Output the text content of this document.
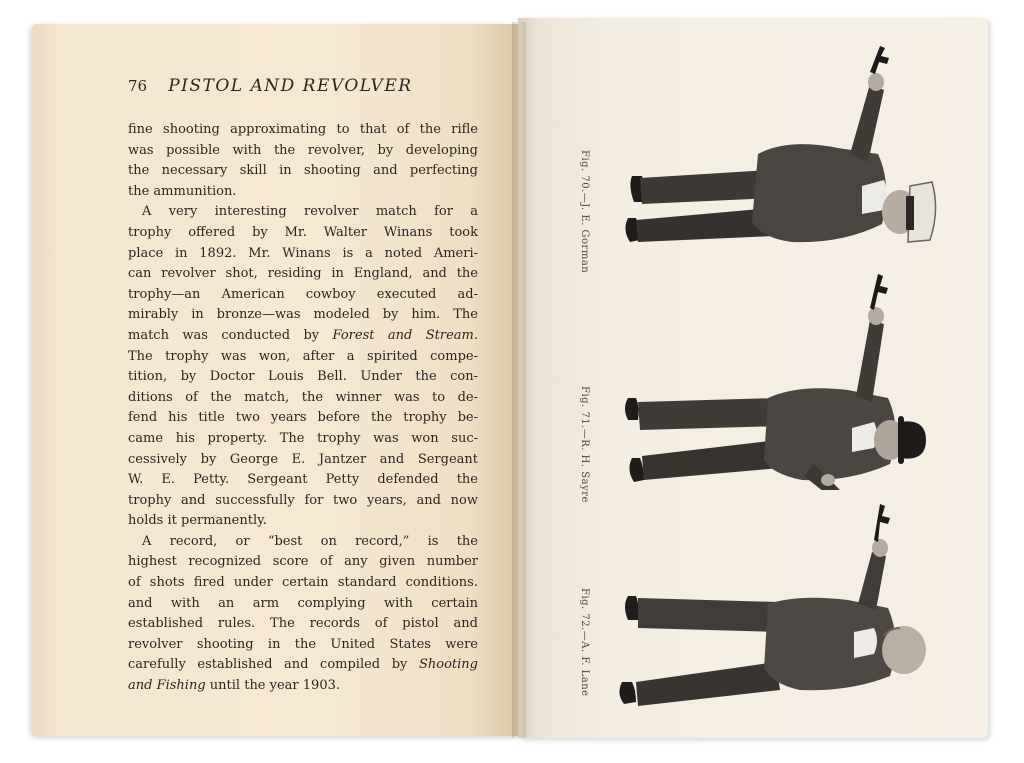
76 PISTOL AND REVOLVER
fine shooting approximating to that of the rifle
was possible with the revolver, by developing
the necessary skill in shooting and perfecting
the ammunition.
A very interesting revolver match for a
trophy offered by Mr. Walter Winans took
place in 1892. Mr. Winans is a noted Ameri-
can revolver shot, residing in England, and the
trophy—an American cowboy executed ad-
mirably in bronze—was modeled by him. The
match was conducted by Forest and Stream.
The trophy was won, after a spirited compe-
tition, by Doctor Louis Bell. Under the con-
ditions of the match, the winner was to de-
fend his title two years before the trophy be-
came his property. The trophy was won suc-
cessively by George E. Jantzer and Sergeant
W. E. Petty. Sergeant Petty defended the
trophy and successfully for two years, and now
holds it permanently.
A record, or “best on record,” is the
highest recognized score of any given number
of shots fired under certain standard conditions.
and with an arm complying with certain
established rules. The records of pistol and
revolver shooting in the United States were
carefully established and compiled by Shooting
and Fishing until the year 1903.
Fig. 70.—J. E. Gorman
Fig. 71.—R. H. Sayre
Fig. 72.—A. F. Lane
